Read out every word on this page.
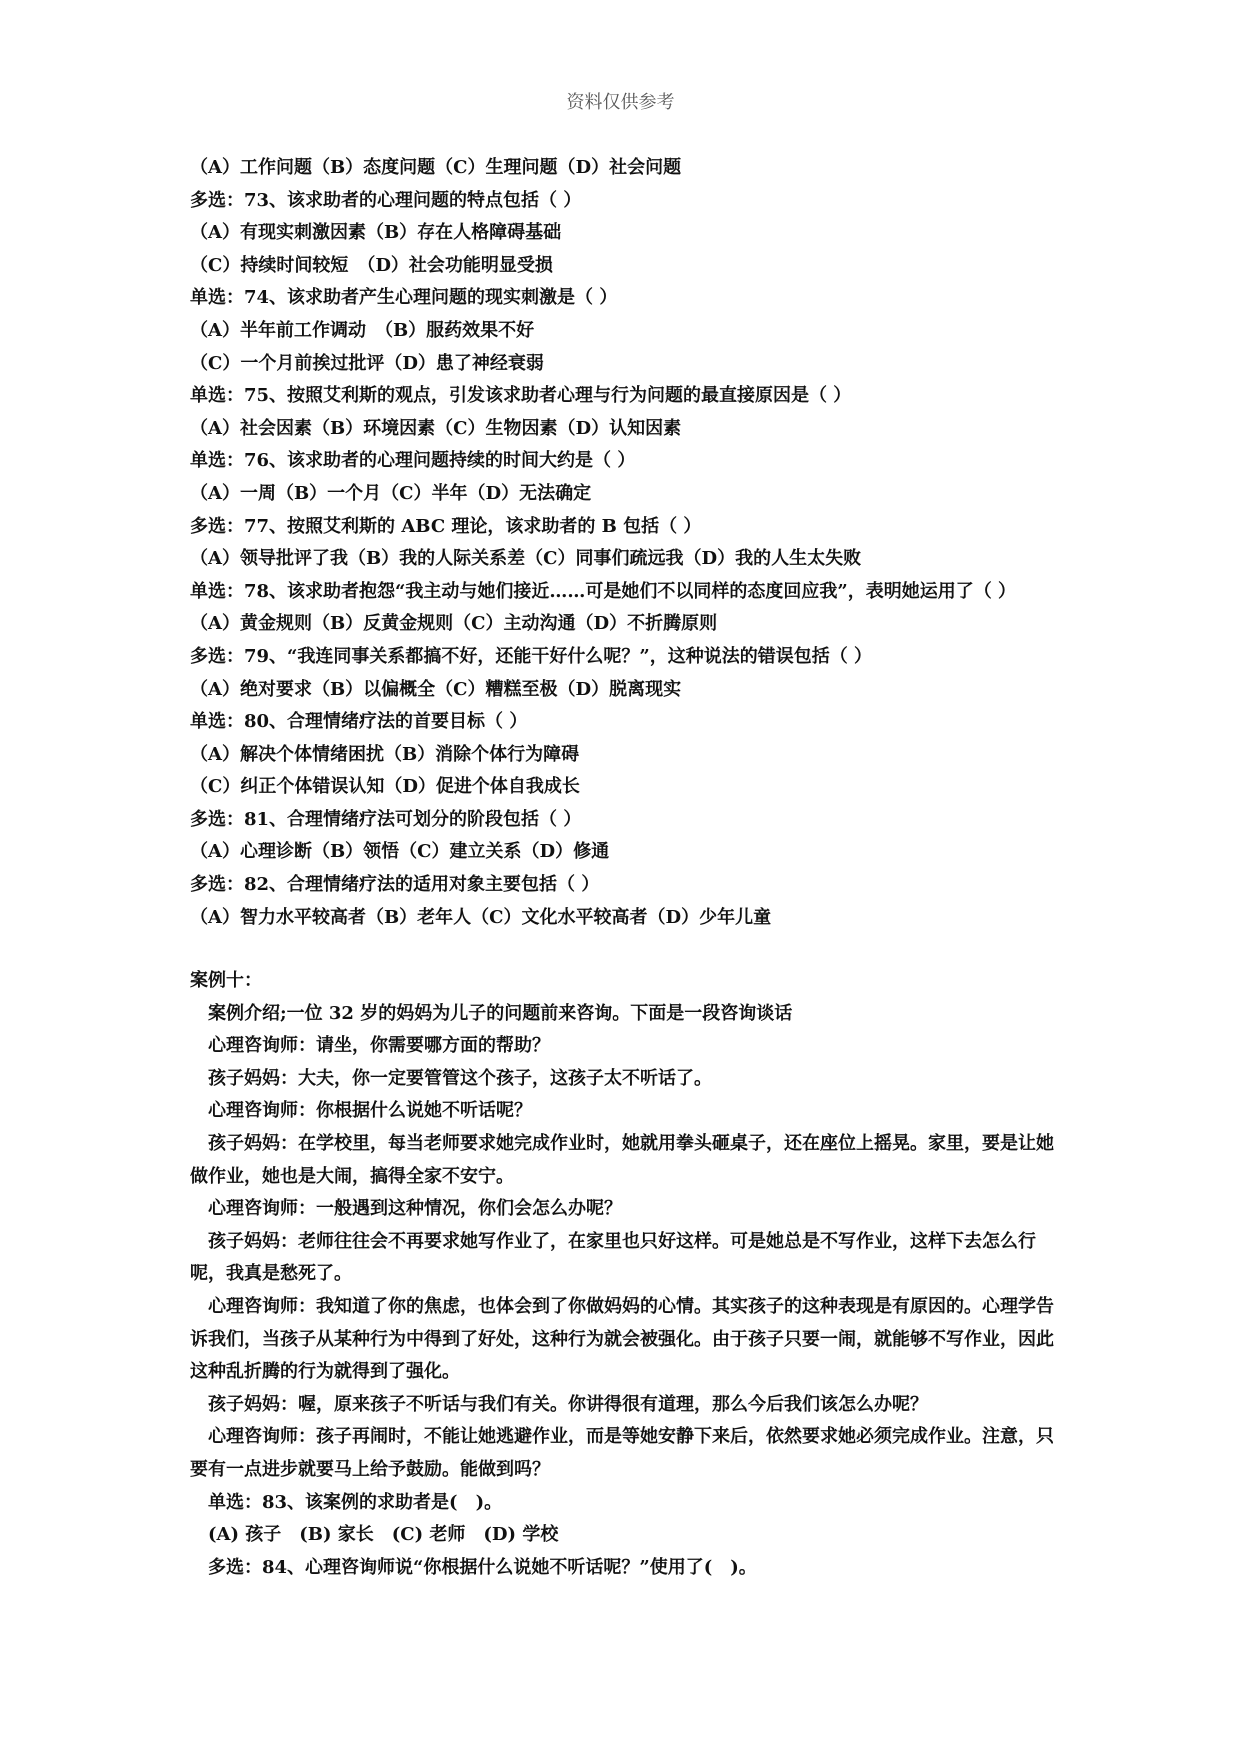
资料仅供参考
（A）工作问题（B）态度问题（C）生理问题（D）社会问题
多选：73、该求助者的心理问题的特点包括（ ）
（A）有现实刺激因素（B）存在人格障碍基础
（C）持续时间较短　（D）社会功能明显受损
单选：74、该求助者产生心理问题的现实刺激是（ ）
（A）半年前工作调动　（B）服药效果不好
（C）一个月前挨过批评（D）患了神经衰弱
单选：75、按照艾利斯的观点，引发该求助者心理与行为问题的最直接原因是（ ）
（A）社会因素（B）环境因素（C）生物因素（D）认知因素
单选：76、该求助者的心理问题持续的时间大约是（ ）
（A）一周（B）一个月（C）半年（D）无法确定
多选：77、按照艾利斯的 ABC 理论，该求助者的 B 包括（ ）
（A）领导批评了我（B）我的人际关系差（C）同事们疏远我（D）我的人生太失败
单选：78、该求助者抱怨“我主动与她们接近……可是她们不以同样的态度回应我”，表明她运用了（ ）
（A）黄金规则（B）反黄金规则（C）主动沟通（D）不折腾原则
多选：79、“我连同事关系都搞不好，还能干好什么呢？”，这种说法的错误包括（ ）
（A）绝对要求（B）以偏概全（C）糟糕至极（D）脱离现实
单选：80、合理情绪疗法的首要目标（ ）
（A）解决个体情绪困扰（B）消除个体行为障碍
（C）纠正个体错误认知（D）促进个体自我成长
多选：81、合理情绪疗法可划分的阶段包括（ ）
（A）心理诊断（B）领悟（C）建立关系（D）修通
多选：82、合理情绪疗法的适用对象主要包括（ ）
（A）智力水平较高者（B）老年人（C）文化水平较高者（D）少年儿童
案例十：
案例介绍;一位 32 岁的妈妈为儿子的问题前来咨询。下面是一段咨询谈话
心理咨询师：请坐，你需要哪方面的帮助？
孩子妈妈：大夫，你一定要管管这个孩子，这孩子太不听话了。
心理咨询师：你根据什么说她不听话呢？
孩子妈妈：在学校里，每当老师要求她完成作业时，她就用拳头砸桌子，还在座位上摇晃。家里，要是让她做作业，她也是大闹，搞得全家不安宁。
心理咨询师：一般遇到这种情况，你们会怎么办呢？
孩子妈妈：老师往往会不再要求她写作业了，在家里也只好这样。可是她总是不写作业，这样下去怎么行呢，我真是愁死了。
心理咨询师：我知道了你的焦虑，也体会到了你做妈妈的心情。其实孩子的这种表现是有原因的。心理学告诉我们，当孩子从某种行为中得到了好处，这种行为就会被强化。由于孩子只要一闹，就能够不写作业，因此这种乱折腾的行为就得到了强化。
孩子妈妈：喔，原来孩子不听话与我们有关。你讲得很有道理，那么今后我们该怎么办呢？
心理咨询师：孩子再闹时，不能让她逃避作业，而是等她安静下来后，依然要求她必须完成作业。注意，只要有一点进步就要马上给予鼓励。能做到吗？
单选：83、该案例的求助者是(　)。
(A) 孩子　(B) 家长　(C) 老师　(D) 学校
多选：84、心理咨询师说“你根据什么说她不听话呢？”使用了(　)。
